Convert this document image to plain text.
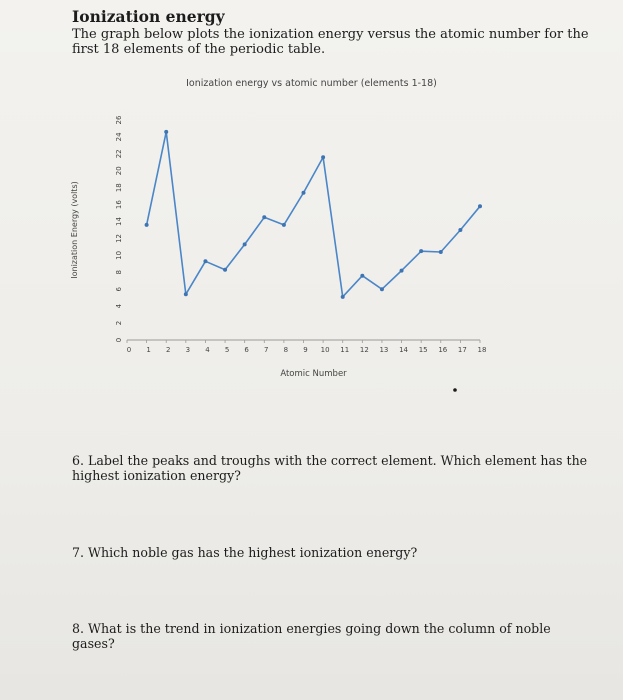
Ionization energy

The graph below plots the ionization energy versus the atomic number for the first 18 elements of the periodic table.

Ionization energy vs atomic number (elements 1-18)
0
2
4
6
8
10
12
14
16
18
20
22
24
26
0 1 2 3 4 5 6 7 8 9 10 11 12 13 14 15 16 17 18
Ionization Energy (volts)
Atomic Number
6. Label the peaks and troughs with the correct element. Which element has the highest ionization energy?
7. Which noble gas has the highest ionization energy?
8. What is the trend in ionization energies going down the column of noble gases?
